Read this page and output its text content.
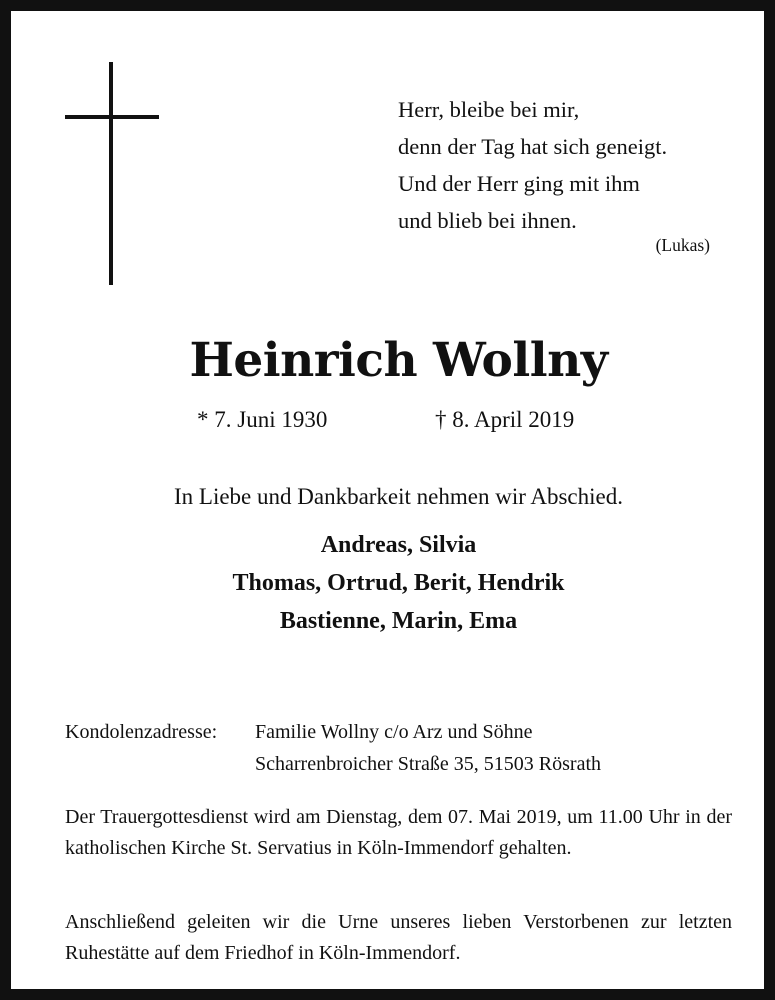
Herr, bleibe bei mir,
denn der Tag hat sich geneigt.
Und der Herr ging mit ihm
und blieb bei ihnen.
(Lukas)
Heinrich Wollny
* 7. Juni 1930	† 8. April 2019
In Liebe und Dankbarkeit nehmen wir Abschied.
Andreas, Silvia
Thomas, Ortrud, Berit, Hendrik
Bastienne, Marin, Ema
Kondolenzadresse:	Familie Wollny c/o Arz und Söhne
Scharrenbroicher Straße 35, 51503 Rösrath
Der Trauergottesdienst wird am Dienstag, dem 07. Mai 2019, um 11.00 Uhr in der katholischen Kirche St. Servatius in Köln-Immendorf gehalten.
Anschließend geleiten wir die Urne unseres lieben Verstorbenen zur letzten Ruhestätte auf dem Friedhof in Köln-Immendorf.
